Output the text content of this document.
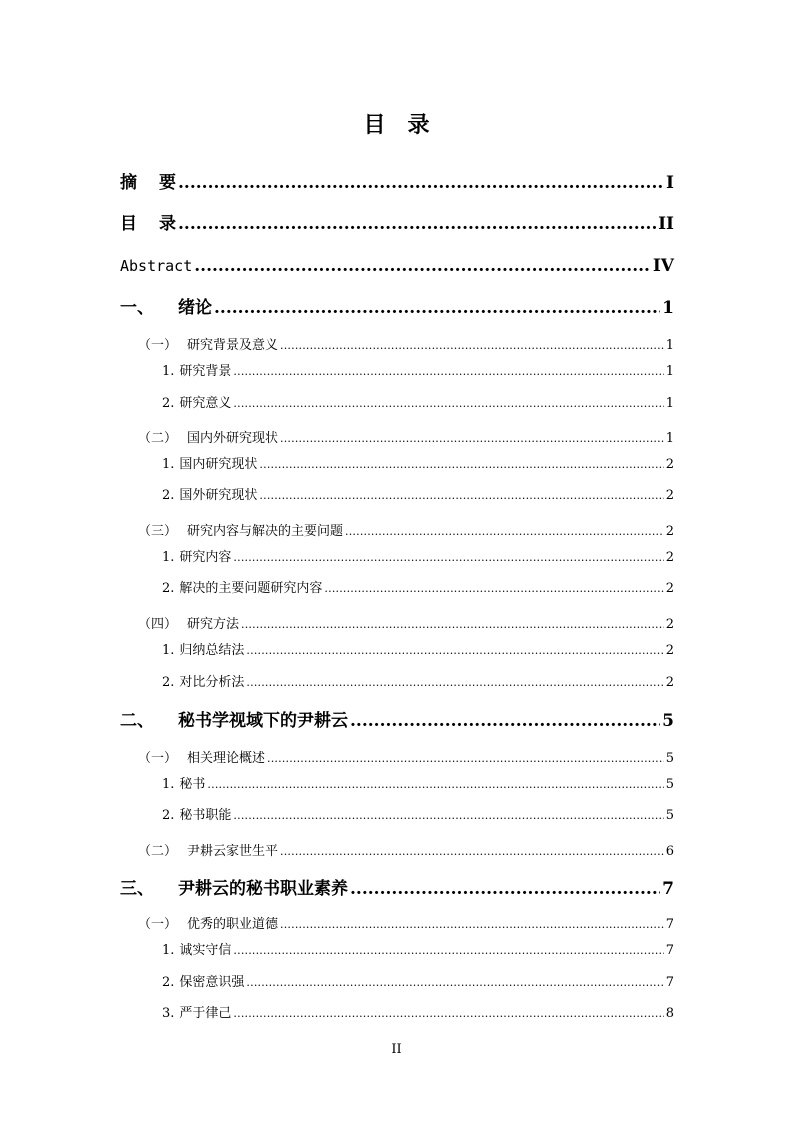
目 录
摘 要 .....	I
目 录 .....	II
Abstract .....	IV
一、 绪论 .....	1
（一） 研究背景及意义 .....	1
1. 研究背景 .....	1
2. 研究意义 .....	1
（二） 国内外研究现状 .....	1
1. 国内研究现状 .....	2
2. 国外研究现状 .....	2
（三） 研究内容与解决的主要问题 .....	2
1. 研究内容 .....	2
2. 解决的主要问题研究内容 .....	2
（四） 研究方法 .....	2
1. 归纳总结法 .....	2
2. 对比分析法 .....	2
二、 秘书学视域下的尹耕云 .....	5
（一） 相关理论概述 .....	5
1. 秘书 .....	5
2. 秘书职能 .....	5
（二） 尹耕云家世生平 .....	6
三、 尹耕云的秘书职业素养 .....	7
（一） 优秀的职业道德 .....	7
1. 诚实守信 .....	7
2. 保密意识强 .....	7
3. 严于律己 .....	8
II
